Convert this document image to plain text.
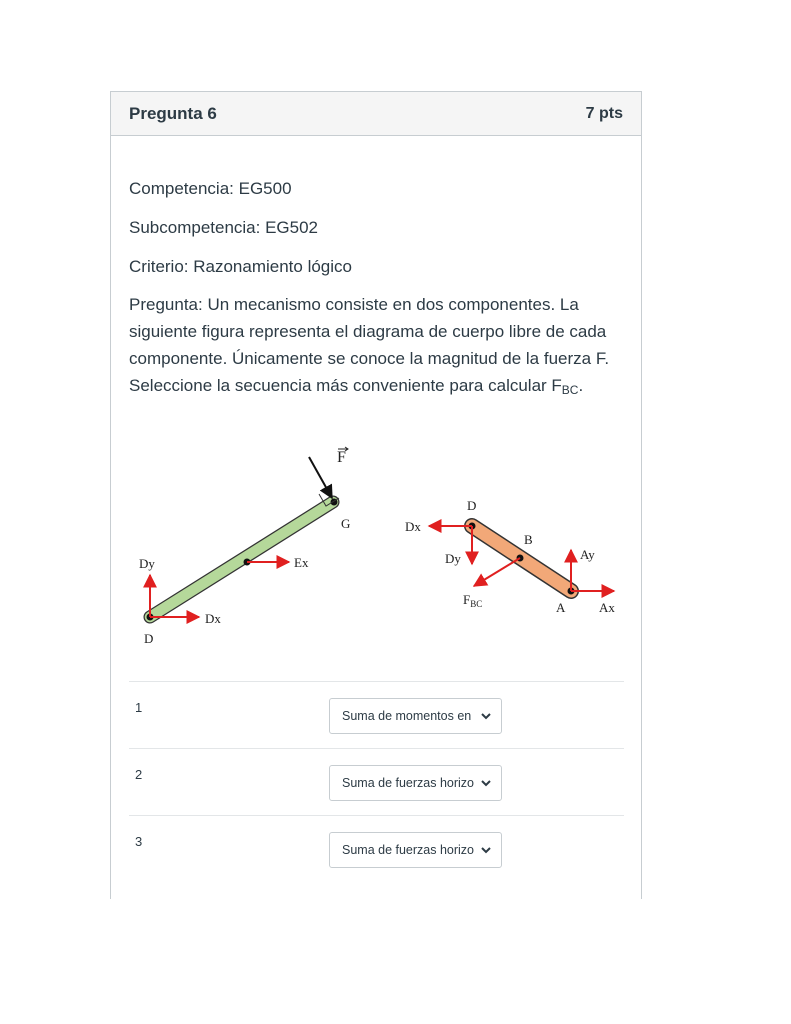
Pregunta 6	7 pts

Competencia: EG500

Subcompetencia: EG502

Criterio: Razonamiento lógico

Pregunta: Un mecanismo consiste en dos componentes. La siguiente figura representa el diagrama de cuerpo libre de cada componente. Únicamente se conoce la magnitud de la fuerza F. Seleccione la secuencia más conveniente para calcular $F_{BC}$.

F
G
Ex
Dy
Dx
D
D
Dx
Dy
B
$F_{BC}$
Ay
Ax
A
1
Suma de momentos en
2
Suma de fuerzas horizo
3
Suma de fuerzas horizo
